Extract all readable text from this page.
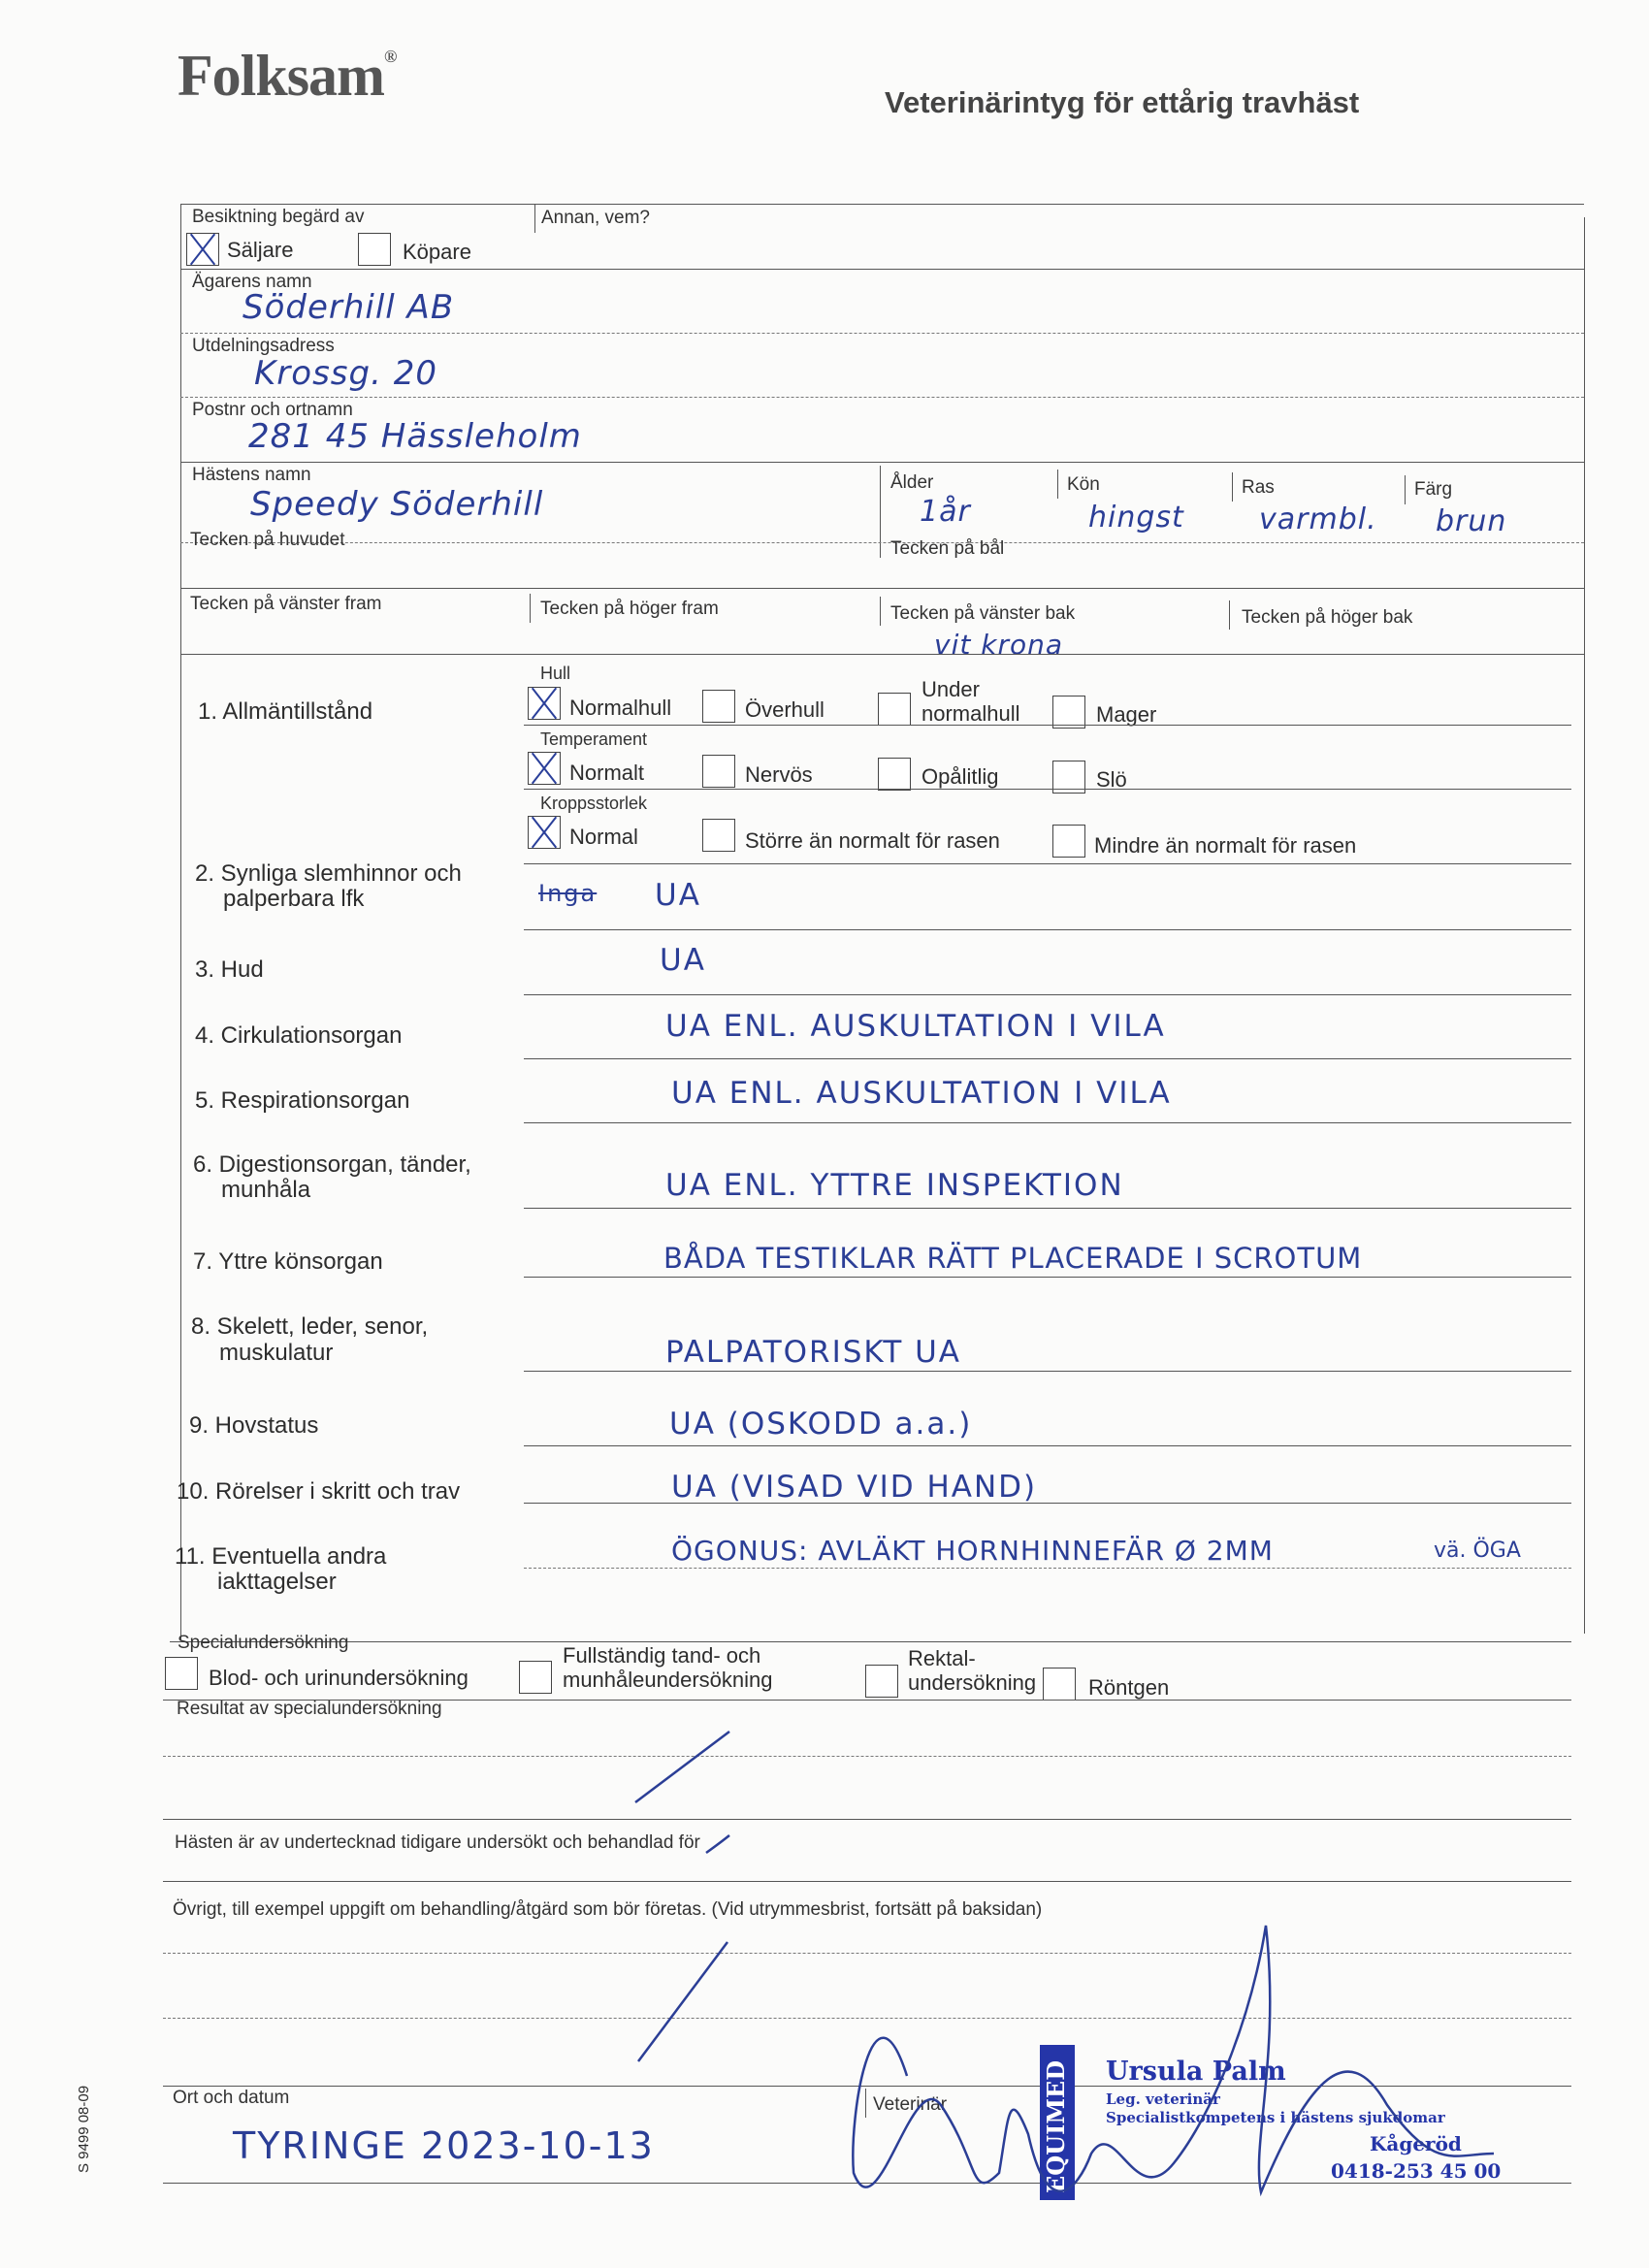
Folksam®
Veterinärintyg för ettårig travhäst
Besiktning begärd av	Annan, vem?
Säljare	Köpare
Ägarens namn
Söderhill AB
Utdelningsadress
Krossg. 20
Postnr och ortnamn
281 45 Hässleholm
Hästens namn
Speedy Söderhill
Ålder
1år
Kön
hingst
Ras
varmbl.
Färg
brun
Tecken på huvudet	Tecken på bål
Tecken på vänster fram	Tecken på höger fram	Tecken på vänster bak
vit krona
Tecken på höger bak
1. Allmäntillstånd
Hull
Normalhull	Överhull
Under
normalhull	Mager
Temperament
Normalt	Nervös	Opålitlig	Slö
Kroppsstorlek
Normal	Större än normalt för rasen	Mindre än normalt för rasen
2. Synliga slemhinnor och
palperbara lfk	Inga UA
3. Hud	UA
4. Cirkulationsorgan	UA ENL. AUSKULTATION I VILA
5. Respirationsorgan	UA ENL. AUSKULTATION I VILA
6. Digestionsorgan, tänder,
munhåla	UA ENL. YTTRE INSPEKTION
7. Yttre könsorgan	BÅDA TESTIKLAR RÄTT PLACERADE I SCROTUM
8. Skelett, leder, senor,
muskulatur	PALPATORISKT UA
9. Hovstatus	UA (OSKODD a.a.)
10. Rörelser i skritt och trav	UA (VISAD VID HAND)
11. Eventuella andra
iakttagelser
ÖGONUS: AVLÄKT HORNHINNEFÄR Ø 2MM	vä. ÖGA
Specialundersökning
Blod- och urinundersökning
Fullständig tand- och
munhåleundersökning
Rektal-
undersökning Röntgen
Resultat av specialundersökning
Hästen är av undertecknad tidigare undersökt och behandlad för
Övrigt, till exempel uppgift om behandling/åtgärd som bör företas. (Vid utrymmesbrist, fortsätt på baksidan)
Ort och datum
TYRINGE 2023-10-13
Veterinär
S 9499 08-09	EQUIMED Ursula Palm
Leg. veterinär
Specialistkompetens i hästens sjukdomar
Kågeröd
0418-253 45 00
